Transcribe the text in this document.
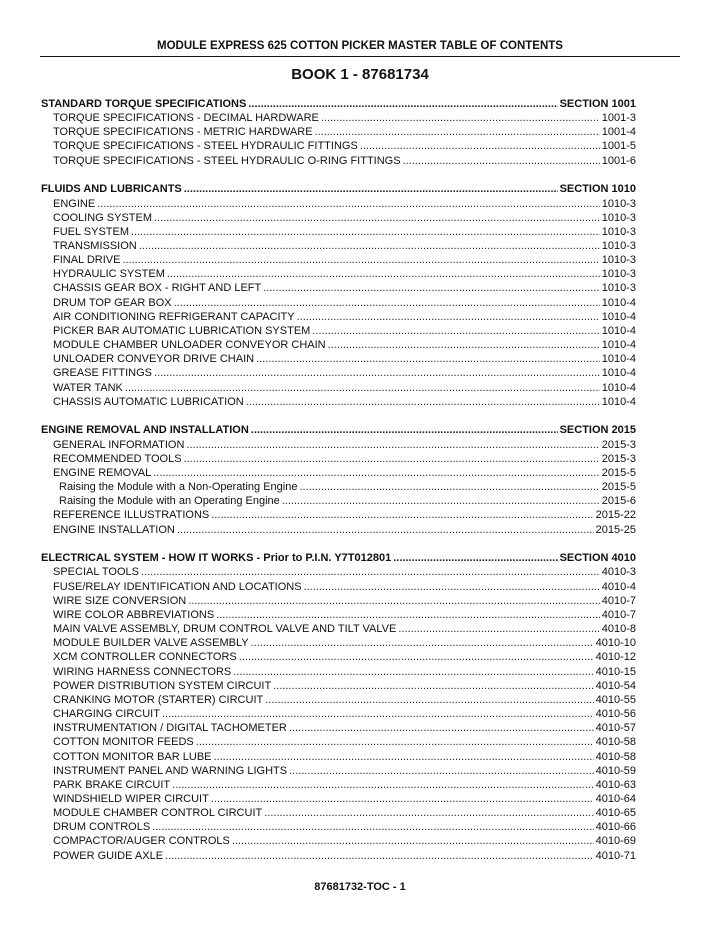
MODULE EXPRESS 625 COTTON PICKER MASTER TABLE OF CONTENTS
BOOK 1 - 87681734
STANDARD TORQUE SPECIFICATIONS .....	SECTION 1001
TORQUE SPECIFICATIONS - DECIMAL HARDWARE .....	1001-3
TORQUE SPECIFICATIONS - METRIC HARDWARE .....	1001-4
TORQUE SPECIFICATIONS - STEEL HYDRAULIC FITTINGS .....	1001-5
TORQUE SPECIFICATIONS - STEEL HYDRAULIC O-RING FITTINGS .....	1001-6
FLUIDS AND LUBRICANTS .....	SECTION 1010
ENGINE .....	1010-3
COOLING SYSTEM .....	1010-3
FUEL SYSTEM .....	1010-3
TRANSMISSION .....	1010-3
FINAL DRIVE .....	1010-3
HYDRAULIC SYSTEM .....	1010-3
CHASSIS GEAR BOX - RIGHT AND LEFT .....	1010-3
DRUM TOP GEAR BOX .....	1010-4
AIR CONDITIONING REFRIGERANT CAPACITY .....	1010-4
PICKER BAR AUTOMATIC LUBRICATION SYSTEM .....	1010-4
MODULE CHAMBER UNLOADER CONVEYOR CHAIN .....	1010-4
UNLOADER CONVEYOR DRIVE CHAIN .....	1010-4
GREASE FITTINGS .....	1010-4
WATER TANK .....	1010-4
CHASSIS AUTOMATIC LUBRICATION .....	1010-4
ENGINE REMOVAL AND INSTALLATION .....	SECTION 2015
GENERAL INFORMATION .....	2015-3
RECOMMENDED TOOLS .....	2015-3
ENGINE REMOVAL .....	2015-5
Raising the Module with a Non-Operating Engine .....	2015-5
Raising the Module with an Operating Engine .....	2015-6
REFERENCE ILLUSTRATIONS .....	2015-22
ENGINE INSTALLATION .....	2015-25
ELECTRICAL SYSTEM - HOW IT WORKS - Prior to P.I.N. Y7T012801 .....	SECTION 4010
SPECIAL TOOLS .....	4010-3
FUSE/RELAY IDENTIFICATION AND LOCATIONS .....	4010-4
WIRE SIZE CONVERSION .....	4010-7
WIRE COLOR ABBREVIATIONS .....	4010-7
MAIN VALVE ASSEMBLY, DRUM CONTROL VALVE AND TILT VALVE .....	4010-8
MODULE BUILDER VALVE ASSEMBLY .....	4010-10
XCM CONTROLLER CONNECTORS .....	4010-12
WIRING HARNESS CONNECTORS .....	4010-15
POWER DISTRIBUTION SYSTEM CIRCUIT .....	4010-54
CRANKING MOTOR (STARTER) CIRCUIT .....	4010-55
CHARGING CIRCUIT .....	4010-56
INSTRUMENTATION / DIGITAL TACHOMETER .....	4010-57
COTTON MONITOR FEEDS .....	4010-58
COTTON MONITOR BAR LUBE .....	4010-58
INSTRUMENT PANEL AND WARNING LIGHTS .....	4010-59
PARK BRAKE CIRCUIT .....	4010-63
WINDSHIELD WIPER CIRCUIT .....	4010-64
MODULE CHAMBER CONTROL CIRCUIT .....	4010-65
DRUM CONTROLS .....	4010-66
COMPACTOR/AUGER CONTROLS .....	4010-69
POWER GUIDE AXLE .....	4010-71
87681732-TOC - 1
